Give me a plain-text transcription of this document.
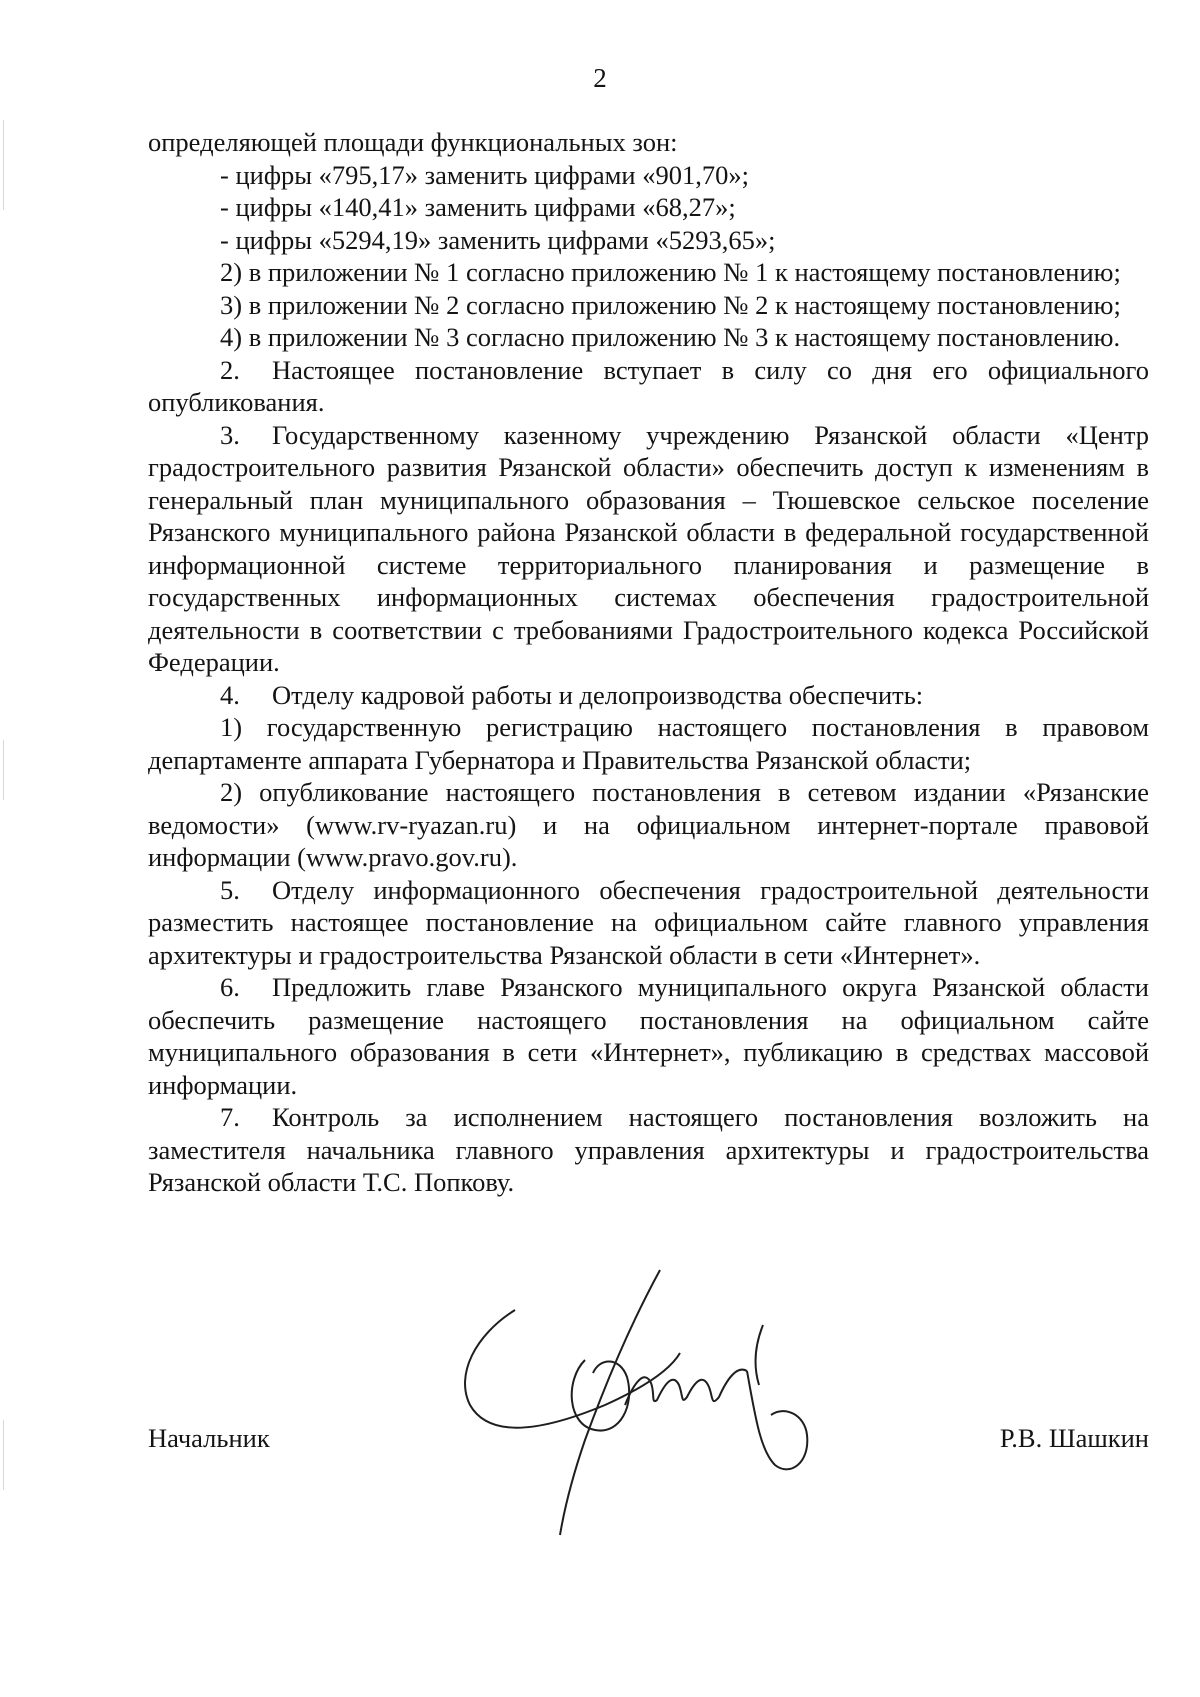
2

определяющей площади функциональных зон:

- цифры «795,17» заменить цифрами «901,70»;

- цифры «140,41» заменить цифрами «68,27»;

- цифры «5294,19» заменить цифрами «5293,65»;

2) в приложении № 1 согласно приложению № 1 к настоящему постановлению;

3) в приложении № 2 согласно приложению № 2 к настоящему постановлению;

4) в приложении № 3 согласно приложению № 3 к настоящему постановлению.

2. Настоящее постановление вступает в силу со дня его официального опубликования.

3. Государственному казенному учреждению Рязанской области «Центр градостроительного развития Рязанской области» обеспечить доступ к изменениям в генеральный план муниципального образования – Тюшевское сельское поселение Рязанского муниципального района Рязанской области в федеральной государственной информационной системе территориального планирования и размещение в государственных информационных системах обеспечения градостроительной деятельности в соответствии с требованиями Градостроительного кодекса Российской Федерации.

4. Отделу кадровой работы и делопроизводства обеспечить:

1) государственную регистрацию настоящего постановления в правовом департаменте аппарата Губернатора и Правительства Рязанской области;

2) опубликование настоящего постановления в сетевом издании «Рязанские ведомости» (www.rv-ryazan.ru) и на официальном интернет-портале правовой информации (www.pravo.gov.ru).

5. Отделу информационного обеспечения градостроительной деятельности разместить настоящее постановление на официальном сайте главного управления архитектуры и градостроительства Рязанской области в сети «Интернет».

6. Предложить главе Рязанского муниципального округа Рязанской области обеспечить размещение настоящего постановления на официальном сайте муниципального образования в сети «Интернет», публикацию в средствах массовой информации.

7. Контроль за исполнением настоящего постановления возложить на заместителя начальника главного управления архитектуры и градостроительства Рязанской области Т.С. Попкову.

Начальник	Р.В. Шашкин
